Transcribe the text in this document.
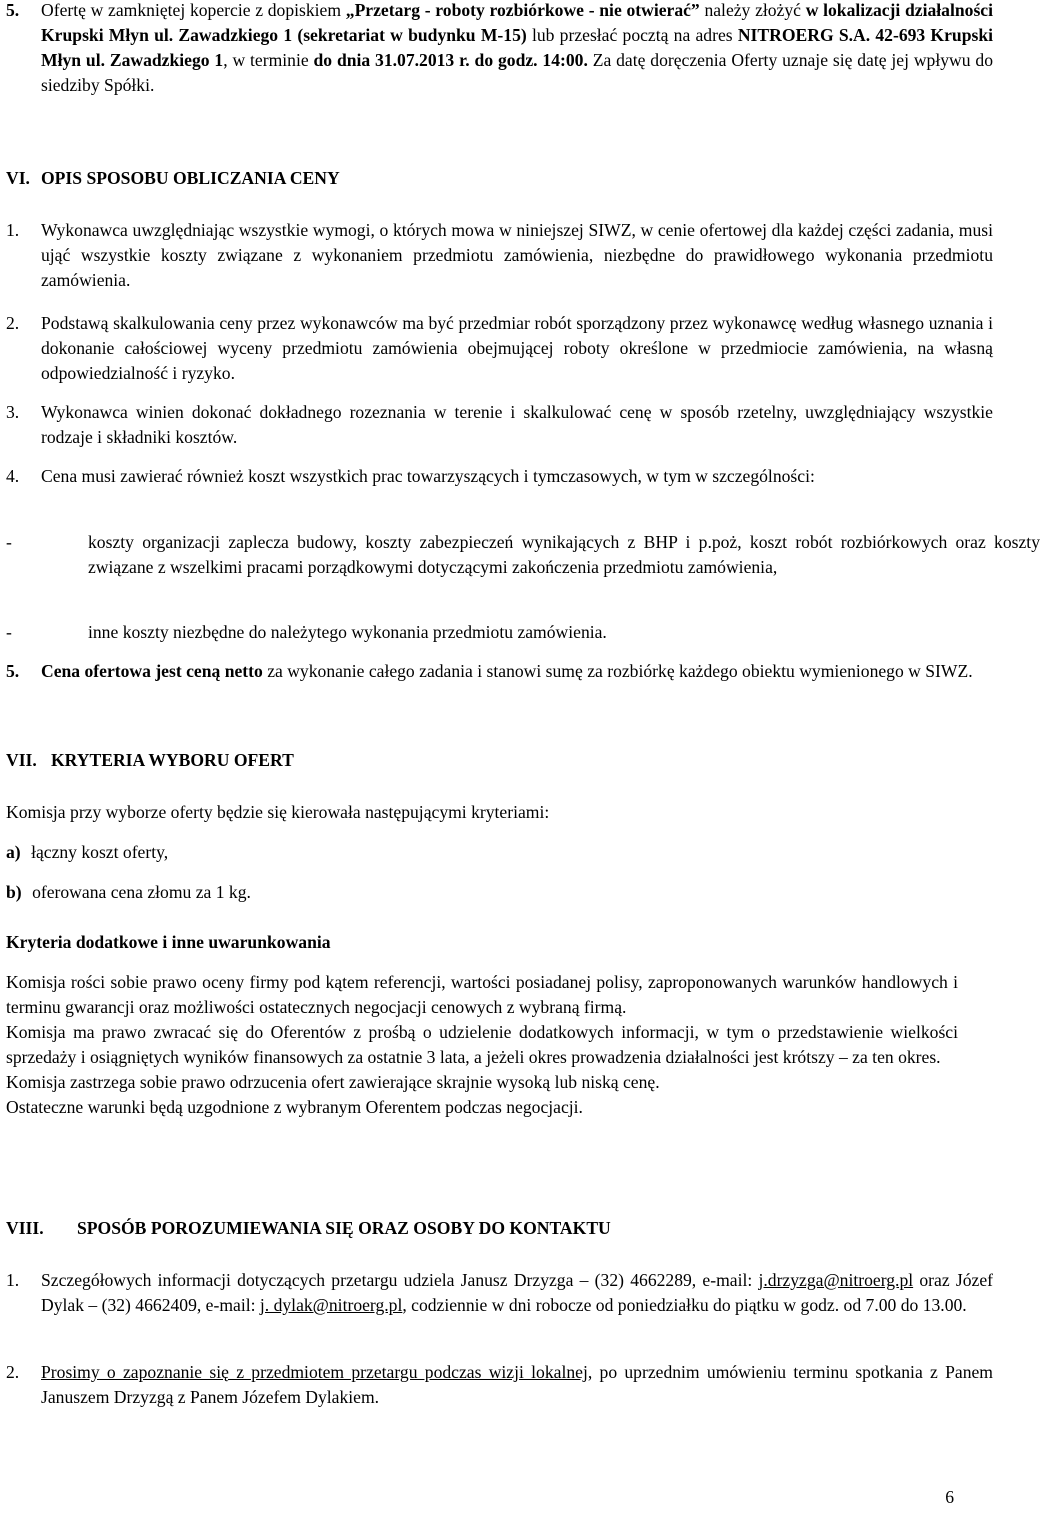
5. Ofertę w zamkniętej kopercie z dopiskiem „Przetarg - roboty rozbiórkowe - nie otwierać” należy złożyć w lokalizacji działalności Krupski Młyn ul. Zawadzkiego 1 (sekretariat w budynku M-15) lub przesłać pocztą na adres NITROERG S.A. 42-693 Krupski Młyn ul. Zawadzkiego 1, w terminie do dnia 31.07.2013 r. do godz. 14:00. Za datę doręczenia Oferty uznaje się datę jej wpływu do siedziby Spółki.

VI. OPIS SPOSOBU OBLICZANIA CENY
1. Wykonawca uwzględniając wszystkie wymogi, o których mowa w niniejszej SIWZ, w cenie ofertowej dla każdej części zadania, musi ująć wszystkie koszty związane z wykonaniem przedmiotu zamówienia, niezbędne do prawidłowego wykonania przedmiotu zamówienia.

2. Podstawą skalkulowania ceny przez wykonawców ma być przedmiar robót sporządzony przez wykonawcę według własnego uznania i dokonanie całościowej wyceny przedmiotu zamówienia obejmującej roboty określone w przedmiocie zamówienia, na własną odpowiedzialność i ryzyko.

3. Wykonawca winien dokonać dokładnego rozeznania w terenie i skalkulować cenę w sposób rzetelny, uwzględniający wszystkie rodzaje i składniki kosztów.

4. Cena musi zawierać również koszt wszystkich prac towarzyszących i tymczasowych, w tym w szczególności:

-	koszty organizacji zaplecza budowy, koszty zabezpieczeń wynikających z BHP i p.poż, koszt robót rozbiórkowych oraz koszty związane z wszelkimi pracami porządkowymi dotyczącymi zakończenia przedmiotu zamówienia,

-	inne koszty niezbędne do należytego wykonania przedmiotu zamówienia.

5. Cena ofertowa jest ceną netto za wykonanie całego zadania i stanowi sumę za rozbiórkę każdego obiektu wymienionego w SIWZ.

VII. KRYTERIA WYBORU OFERT

Komisja przy wyborze oferty będzie się kierowała następującymi kryteriami:

a) łączny koszt oferty,
b) oferowana cena złomu za 1 kg.

Kryteria dodatkowe i inne uwarunkowania

Komisja rości sobie prawo oceny firmy pod kątem referencji, wartości posiadanej polisy, zaproponowanych warunków handlowych i terminu gwarancji oraz możliwości ostatecznych negocjacji cenowych z wybraną firmą.

Komisja ma prawo zwracać się do Oferentów z prośbą o udzielenie dodatkowych informacji, w tym o przedstawienie wielkości sprzedaży i osiągniętych wyników finansowych za ostatnie 3 lata, a jeżeli okres prowadzenia działalności jest krótszy – za ten okres.

Komisja zastrzega sobie prawo odrzucenia ofert zawierające skrajnie wysoką lub niską cenę.

Ostateczne warunki będą uzgodnione z wybranym Oferentem podczas negocjacji.

VIII. SPOSÓB POROZUMIEWANIA SIĘ ORAZ OSOBY DO KONTAKTU
1. Szczegółowych informacji dotyczących przetargu udziela Janusz Drzyzga – (32) 4662289, e-mail: j.drzyzga@nitroerg.pl oraz Józef Dylak – (32) 4662409, e-mail: j. dylak@nitroerg.pl, codziennie w dni robocze od poniedziałku do piątku w godz. od 7.00 do 13.00.

2. Prosimy o zapoznanie się z przedmiotem przetargu podczas wizji lokalnej, po uprzednim umówieniu terminu spotkania z Panem Januszem Drzyzgą z Panem Józefem Dylakiem.

6
